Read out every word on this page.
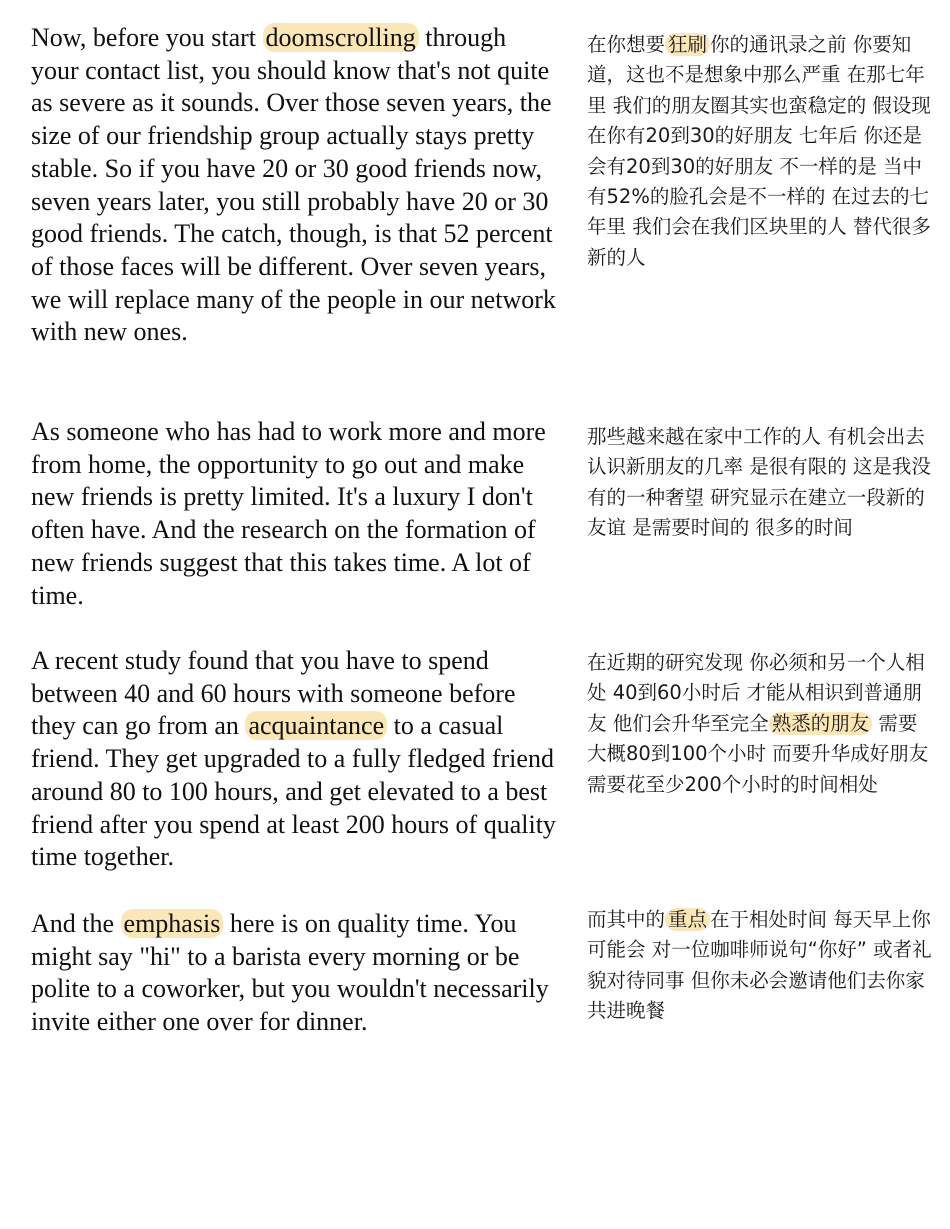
Now, before you start doomscrolling through your contact list, you should know that's not quite as severe as it sounds. Over those seven years, the size of our friendship group actually stays pretty stable. So if you have 20 or 30 good friends now, seven years later, you still probably have 20 or 30 good friends. The catch, though, is that 52 percent of those faces will be different. Over seven years, we will replace many of the people in our network with new ones.

在你想要 狂刷 你的通讯录之前 你要知道，这也不是想象中那么严重 在那七年里 我们的朋友圈其实也蛮稳定的 假设现在你有20到30的好朋友 七年后 你还是会有20到30的好朋友 不一样的是 当中有52%的脸孔会是不一样的 在过去的七年里 我们会在我们区块里的人 替代很多新的人

As someone who has had to work more and more from home, the opportunity to go out and make new friends is pretty limited. It's a luxury I don't often have. And the research on the formation of new friends suggest that this takes time. A lot of time.

那些越来越在家中工作的人 有机会出去认识新朋友的几率 是很有限的 这是我没有的一种奢望 研究显示在建立一段新的友谊 是需要时间的 很多的时间

A recent study found that you have to spend between 40 and 60 hours with someone before they can go from an acquaintance to a casual friend. They get upgraded to a fully fledged friend around 80 to 100 hours, and get elevated to a best friend after you spend at least 200 hours of quality time together.

在近期的研究发现 你必须和另一个人相处 40到60小时后 才能从相识到普通朋友 他们会升华至完全 熟悉的朋友 需要大概80到100个小时 而要升华成好朋友 需要花至少200个小时的时间相处

And the emphasis here is on quality time. You might say "hi" to a barista every morning or be polite to a coworker, but you wouldn't necessarily invite either one over for dinner.

而其中的 重点 在于相处时间 每天早上你可能会 对一位咖啡师说句“你好” 或者礼貌对待同事 但你未必会邀请他们去你家共进晚餐
